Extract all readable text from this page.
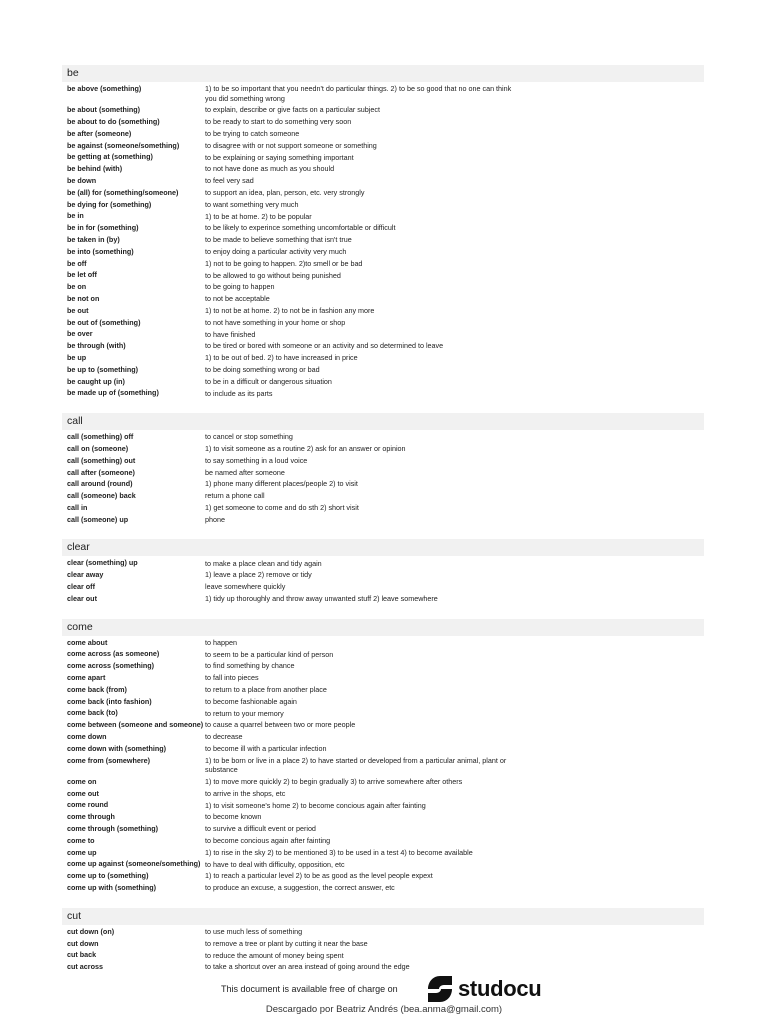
be
be above (something)	1) to be so important that you needn't do particular things. 2) to be so good that no one can think you did something wrong
be about (something)	to explain, describe or give facts on a particular subject
be about to do (something)	to be ready to start to do something very soon
be after (someone)	to be trying to catch someone
be against (someone/something)	to disagree with or not support someone or something
be getting at (something)	to be explaining or saying something important
be behind (with)	to not have done as much as you should
be down	to feel very sad
be (all) for (something/someone)	to support an idea, plan, person, etc. very strongly
be dying for (something)	to want something very much
be in	1) to be at home. 2) to be popular
be in for (something)	to be likely to experince something uncomfortable or difficult
be taken in (by)	to be made to believe something that isn't true
be into (something)	to enjoy doing a particular activity very much
be off	1) not to be going to happen. 2)to smell or be bad
be let off	to be allowed to go without being punished
be on	to be going to happen
be not on	to not be acceptable
be out	1) to not be at home. 2) to not be in fashion any more
be out of (something)	to not have something in your home or shop
be over	to have finished
be through (with)	to be tired or bored with someone or an activity and so determined to leave
be up	1) to be out of bed. 2) to have increased in price
be up to (something)	to be doing something wrong or bad
be caught up (in)	to be in a difficult or dangerous situation
be made up of (something)	to include as its parts
call
call (something) off	to cancel or stop something
call on (someone)	1) to visit someone as a routine 2) ask for an answer or opinion
call (something) out	to say something in a loud voice
call after (someone)	be named after someone
call around (round)	1) phone many different places/people 2) to visit
call (someone) back	return a phone call
call in	1) get someone to come and do sth 2) short visit
call (someone) up	phone
clear
clear (something) up	to make a place clean and tidy again
clear away	1) leave a place 2) remove or tidy
clear off	leave somewhere quickly
clear out	1) tidy up thoroughly and throw away unwanted stuff 2) leave somewhere
come
come about	to happen
come across (as someone)	to seem to be a particular kind of person
come across (something)	to find something by chance
come apart	to fall into pieces
come back (from)	to return to a place from another place
come back (into fashion)	to become fashionable again
come back (to)	to return to your memory
come between (someone and someone) to cause a quarrel between two or more people
come down	to decrease
come down with (something)	to become ill with a particular infection
come from (somewhere)	1) to be born or live in a place 2) to have started or developed from a particular animal, plant or substance
come on	1) to move more quickly 2) to begin gradually 3) to arrive somewhere after others
come out	to arrive in the shops, etc
come round	1) to visit someone's home 2) to become concious again after fainting
come through	to become known
come through (something)	to survive a difficult event or period
come to	to become concious again after fainting
come up	1) to rise in the sky 2) to be mentioned 3) to be used in a test 4) to become available
come up against (someone/something) to have to deal with difficulty, opposition, etc
come up to (something)	1) to reach a particular level 2) to be as good as the level people expext
come up with (something)	to produce an excuse, a suggestion, the correct answer, etc
cut
cut down (on)	to use much less of something
cut down	to remove a tree or plant by cutting it near the base
cut back	to reduce the amount of money being spent
cut across	to take a shortcut over an area instead of going around the edge
This document is available free of charge on	studocu
Descargado por Beatriz Andrés (bea.anma@gmail.com)
